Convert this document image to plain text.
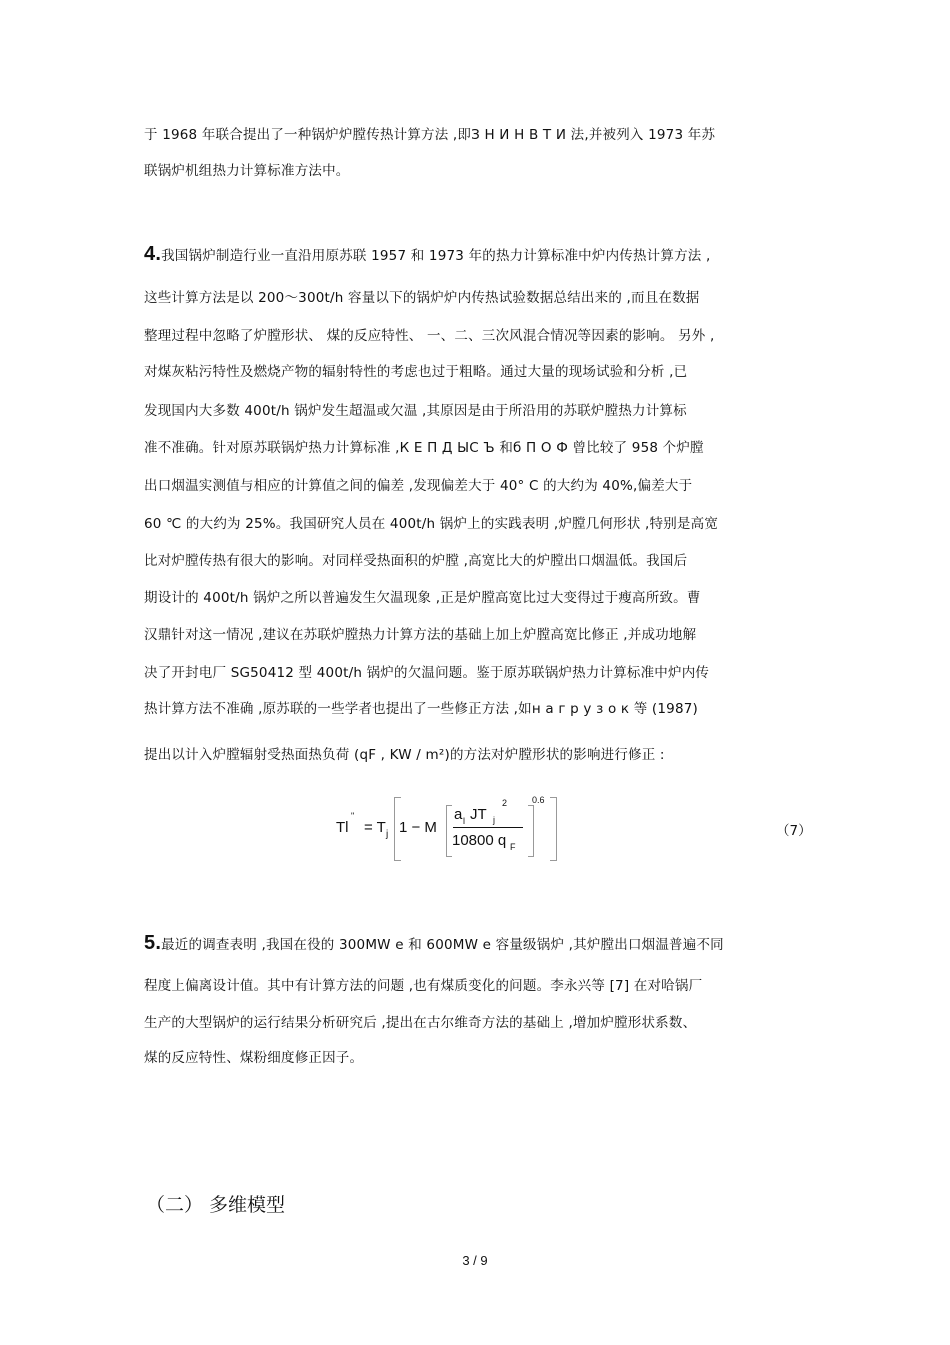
于 1968 年联合提出了一种锅炉炉膛传热计算方法 ,即З Н И Н В Т И 法,并被列入 1973 年苏
联锅炉机组热力计算标准方法中。
4.我国锅炉制造行业一直沿用原苏联 1957 和 1973 年的热力计算标准中炉内传热计算方法 ,
这些计算方法是以 200～300t/h 容量以下的锅炉炉内传热试验数据总结出来的 ,而且在数据
整理过程中忽略了炉膛形状、 煤的反应特性、 一、二、三次风混合情况等因素的影响。 另外 ,
对煤灰粘污特性及燃烧产物的辐射特性的考虑也过于粗略。通过大量的现场试验和分析 ,已
发现国内大多数 400t/h 锅炉发生超温或欠温 ,其原因是由于所沿用的苏联炉膛热力计算标
准不准确。针对原苏联锅炉热力计算标准 ,К Е П Д ЫС Ъ 和б П О Ф 曾比较了 958 个炉膛
出口烟温实测值与相应的计算值之间的偏差 ,发现偏差大于 40° C 的大约为 40%,偏差大于
60 ℃ 的大约为 25%。我国研究人员在 400t/h 锅炉上的实践表明 ,炉膛几何形状 ,特别是高宽
比对炉膛传热有很大的影响。对同样受热面积的炉膛 ,高宽比大的炉膛出口烟温低。我国后
期设计的 400t/h 锅炉之所以普遍发生欠温现象 ,正是炉膛高宽比过大变得过于瘦高所致。曹
汉鼎针对这一情况 ,建议在苏联炉膛热力计算方法的基础上加上炉膛高宽比修正 ,并成功地解
决了开封电厂 SG50412 型 400t/h 锅炉的欠温问题。鉴于原苏联锅炉热力计算标准中炉内传
热计算方法不准确 ,原苏联的一些学者也提出了一些修正方法 ,如н а г р у з о к 等 (1987)
提出以计入炉膛辐射受热面热负荷 (qF , KW / m²)的方法对炉膛形状的影响进行修正 :
Tl
"
= T j 1 − M
a l JT j
2
10800 q F
0.6
（7）
5.最近的调查表明 ,我国在役的 300MW e 和 600MW e 容量级锅炉 ,其炉膛出口烟温普遍不同
程度上偏离设计值。其中有计算方法的问题 ,也有煤质变化的问题。李永兴等 [7] 在对哈锅厂
生产的大型锅炉的运行结果分析研究后 ,提出在古尔维奇方法的基础上 ,增加炉膛形状系数、
煤的反应特性、煤粉细度修正因子。
（二） 多维模型
3 / 9
